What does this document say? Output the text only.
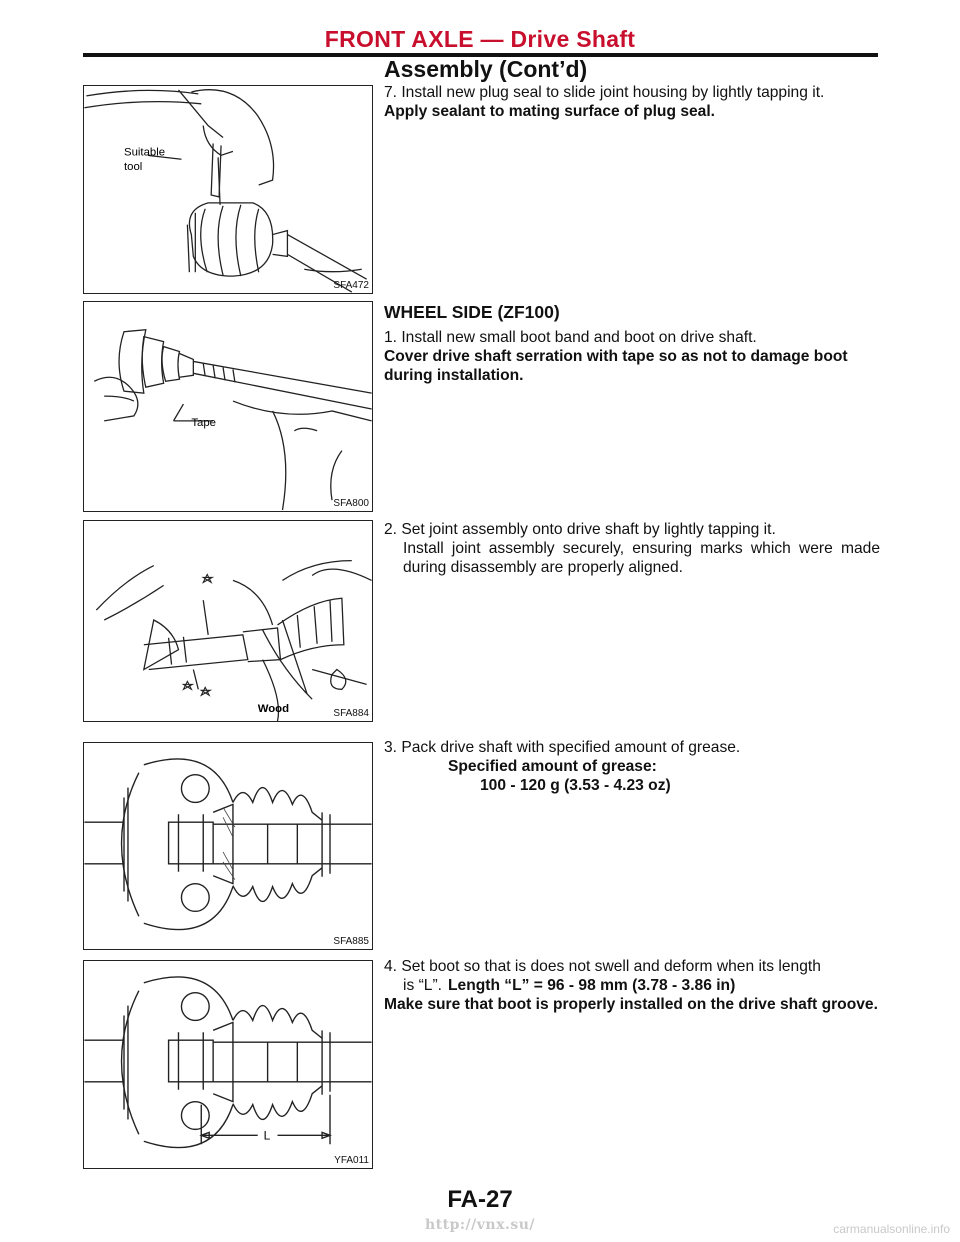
FRONT AXLE — Drive Shaft
Assembly (Cont’d)
Suitable
tool
SFA472
7. Install new plug seal to slide joint housing by lightly tapping it.
Apply sealant to mating surface of plug seal.
WHEEL SIDE (ZF100)
Tape
SFA800
1. Install new small boot band and boot on drive shaft.
Cover drive shaft serration with tape so as not to damage boot during installation.
Wood	SFA884
2. Set joint assembly onto drive shaft by lightly tapping it.
Install joint assembly securely, ensuring marks which were made during disassembly are properly aligned.
SFA885
3. Pack drive shaft with specified amount of grease.
Specified amount of grease:
100 - 120 g (3.53 - 4.23 oz)
L
YFA011
4. Set boot so that is does not swell and deform when its length
is “L”. Length “L” = 96 - 98 mm (3.78 - 3.86 in)
Make sure that boot is properly installed on the drive shaft groove.
FA-27
http://vnx.su/	carmanualsonline.info
